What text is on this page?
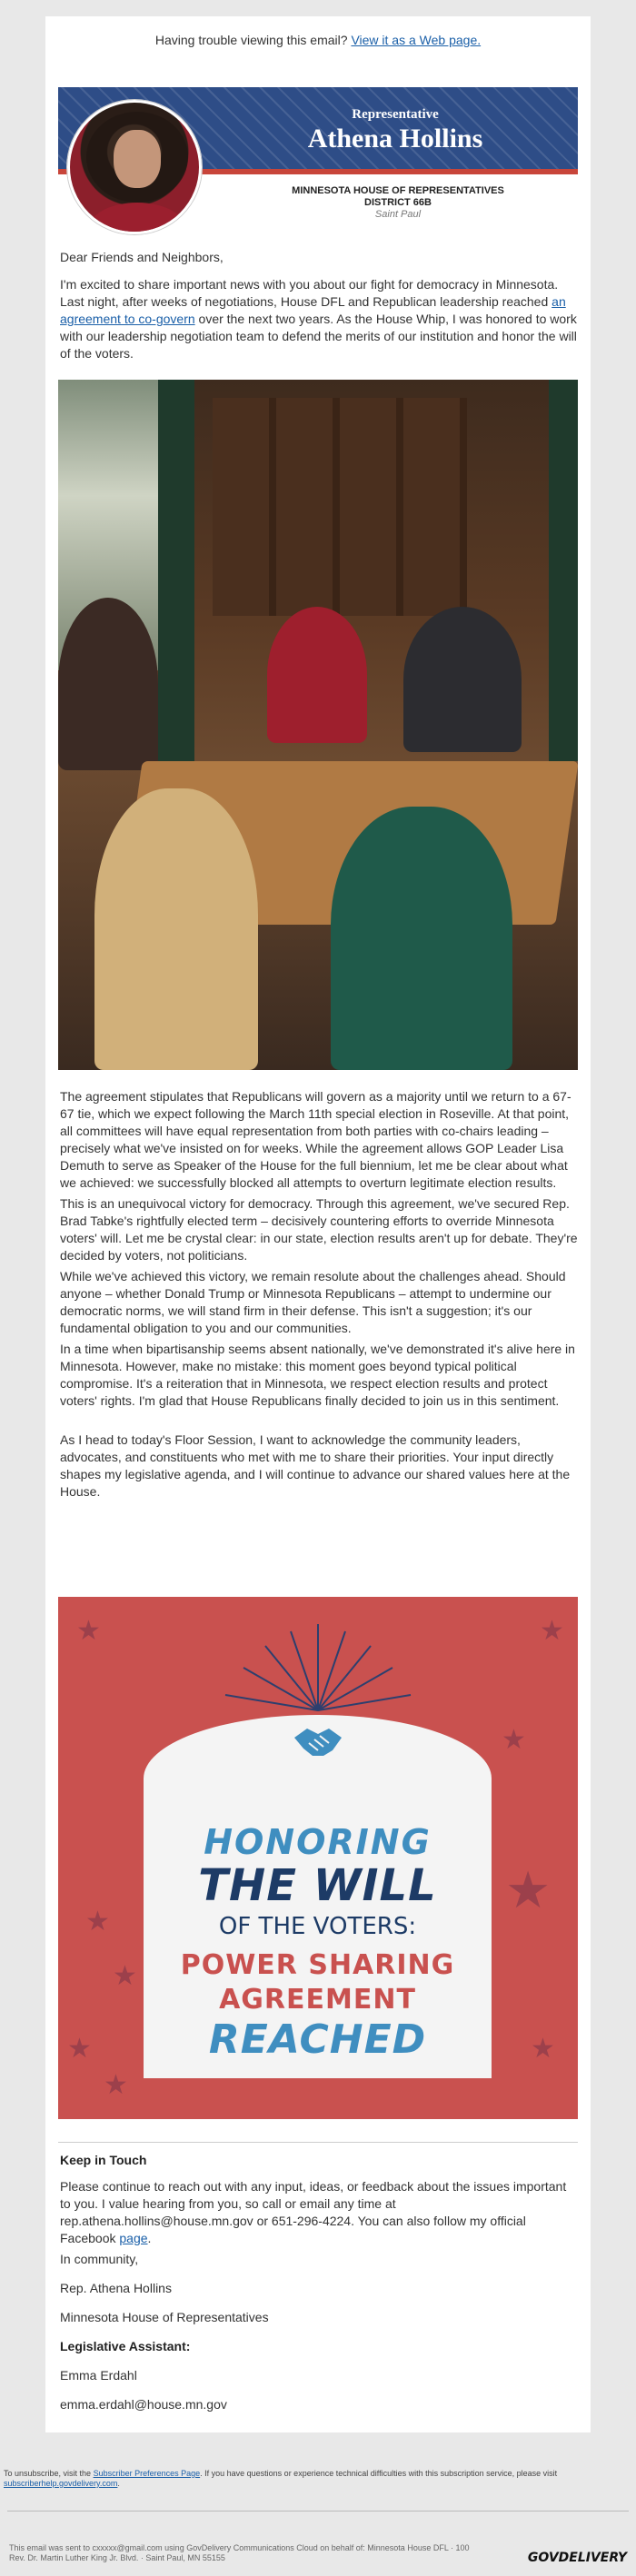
Having trouble viewing this email? View it as a Web page.
Representative
Athena Hollins
MINNESOTA HOUSE OF REPRESENTATIVES
DISTRICT 66B
Saint Paul

Dear Friends and Neighbors,

I'm excited to share important news with you about our fight for democracy in Minnesota. Last night, after weeks of negotiations, House DFL and Republican leadership reached an agreement to co-govern over the next two years. As the House Whip, I was honored to work with our leadership negotiation team to defend the merits of our institution and honor the will of the voters.

The agreement stipulates that Republicans will govern as a majority until we return to a 67-67 tie, which we expect following the March 11th special election in Roseville. At that point, all committees will have equal representation from both parties with co-chairs leading – precisely what we've insisted on for weeks. While the agreement allows GOP Leader Lisa Demuth to serve as Speaker of the House for the full biennium, let me be clear about what we achieved: we successfully blocked all attempts to overturn legitimate election results.

This is an unequivocal victory for democracy. Through this agreement, we've secured Rep. Brad Tabke's rightfully elected term – decisively countering efforts to override Minnesota voters' will. Let me be crystal clear: in our state, election results aren't up for debate. They're decided by voters, not politicians.

While we've achieved this victory, we remain resolute about the challenges ahead. Should anyone – whether Donald Trump or Minnesota Republicans – attempt to undermine our democratic norms, we will stand firm in their defense. This isn't a suggestion; it's our fundamental obligation to you and our communities.

In a time when bipartisanship seems absent nationally, we've demonstrated it's alive here in Minnesota. However, make no mistake: this moment goes beyond typical political compromise. It's a reiteration that in Minnesota, we respect election results and protect voters' rights. I'm glad that House Republicans finally decided to join us in this sentiment.

As I head to today's Floor Session, I want to acknowledge the community leaders, advocates, and constituents who met with me to share their priorities. Your input directly shapes my legislative agenda, and I will continue to advance our shared values here at the House.

★
★
★
★
★
★
★
★
★
HONORING
THE WILL
OF THE VOTERS:
POWER SHARING
AGREEMENT
REACHED
Keep in Touch

Please continue to reach out with any input, ideas, or feedback about the issues important to you. I value hearing from you, so call or email any time at rep.athena.hollins@house.mn.gov or 651-296-4224. You can also follow my official Facebook page.

In community,

Rep. Athena Hollins

Minnesota House of Representatives

Legislative Assistant:

Emma Erdahl

emma.erdahl@house.mn.gov

To unsubscribe, visit the Subscriber Preferences Page. If you have questions or experience technical difficulties with this subscription service, please visit subscriberhelp.govdelivery.com.
This email was sent to cxxxxx@gmail.com using GovDelivery Communications Cloud on behalf of: Minnesota House DFL · 100
Rev. Dr. Martin Luther King Jr. Blvd. · Saint Paul, MN 55155	GOVDELIVERY
